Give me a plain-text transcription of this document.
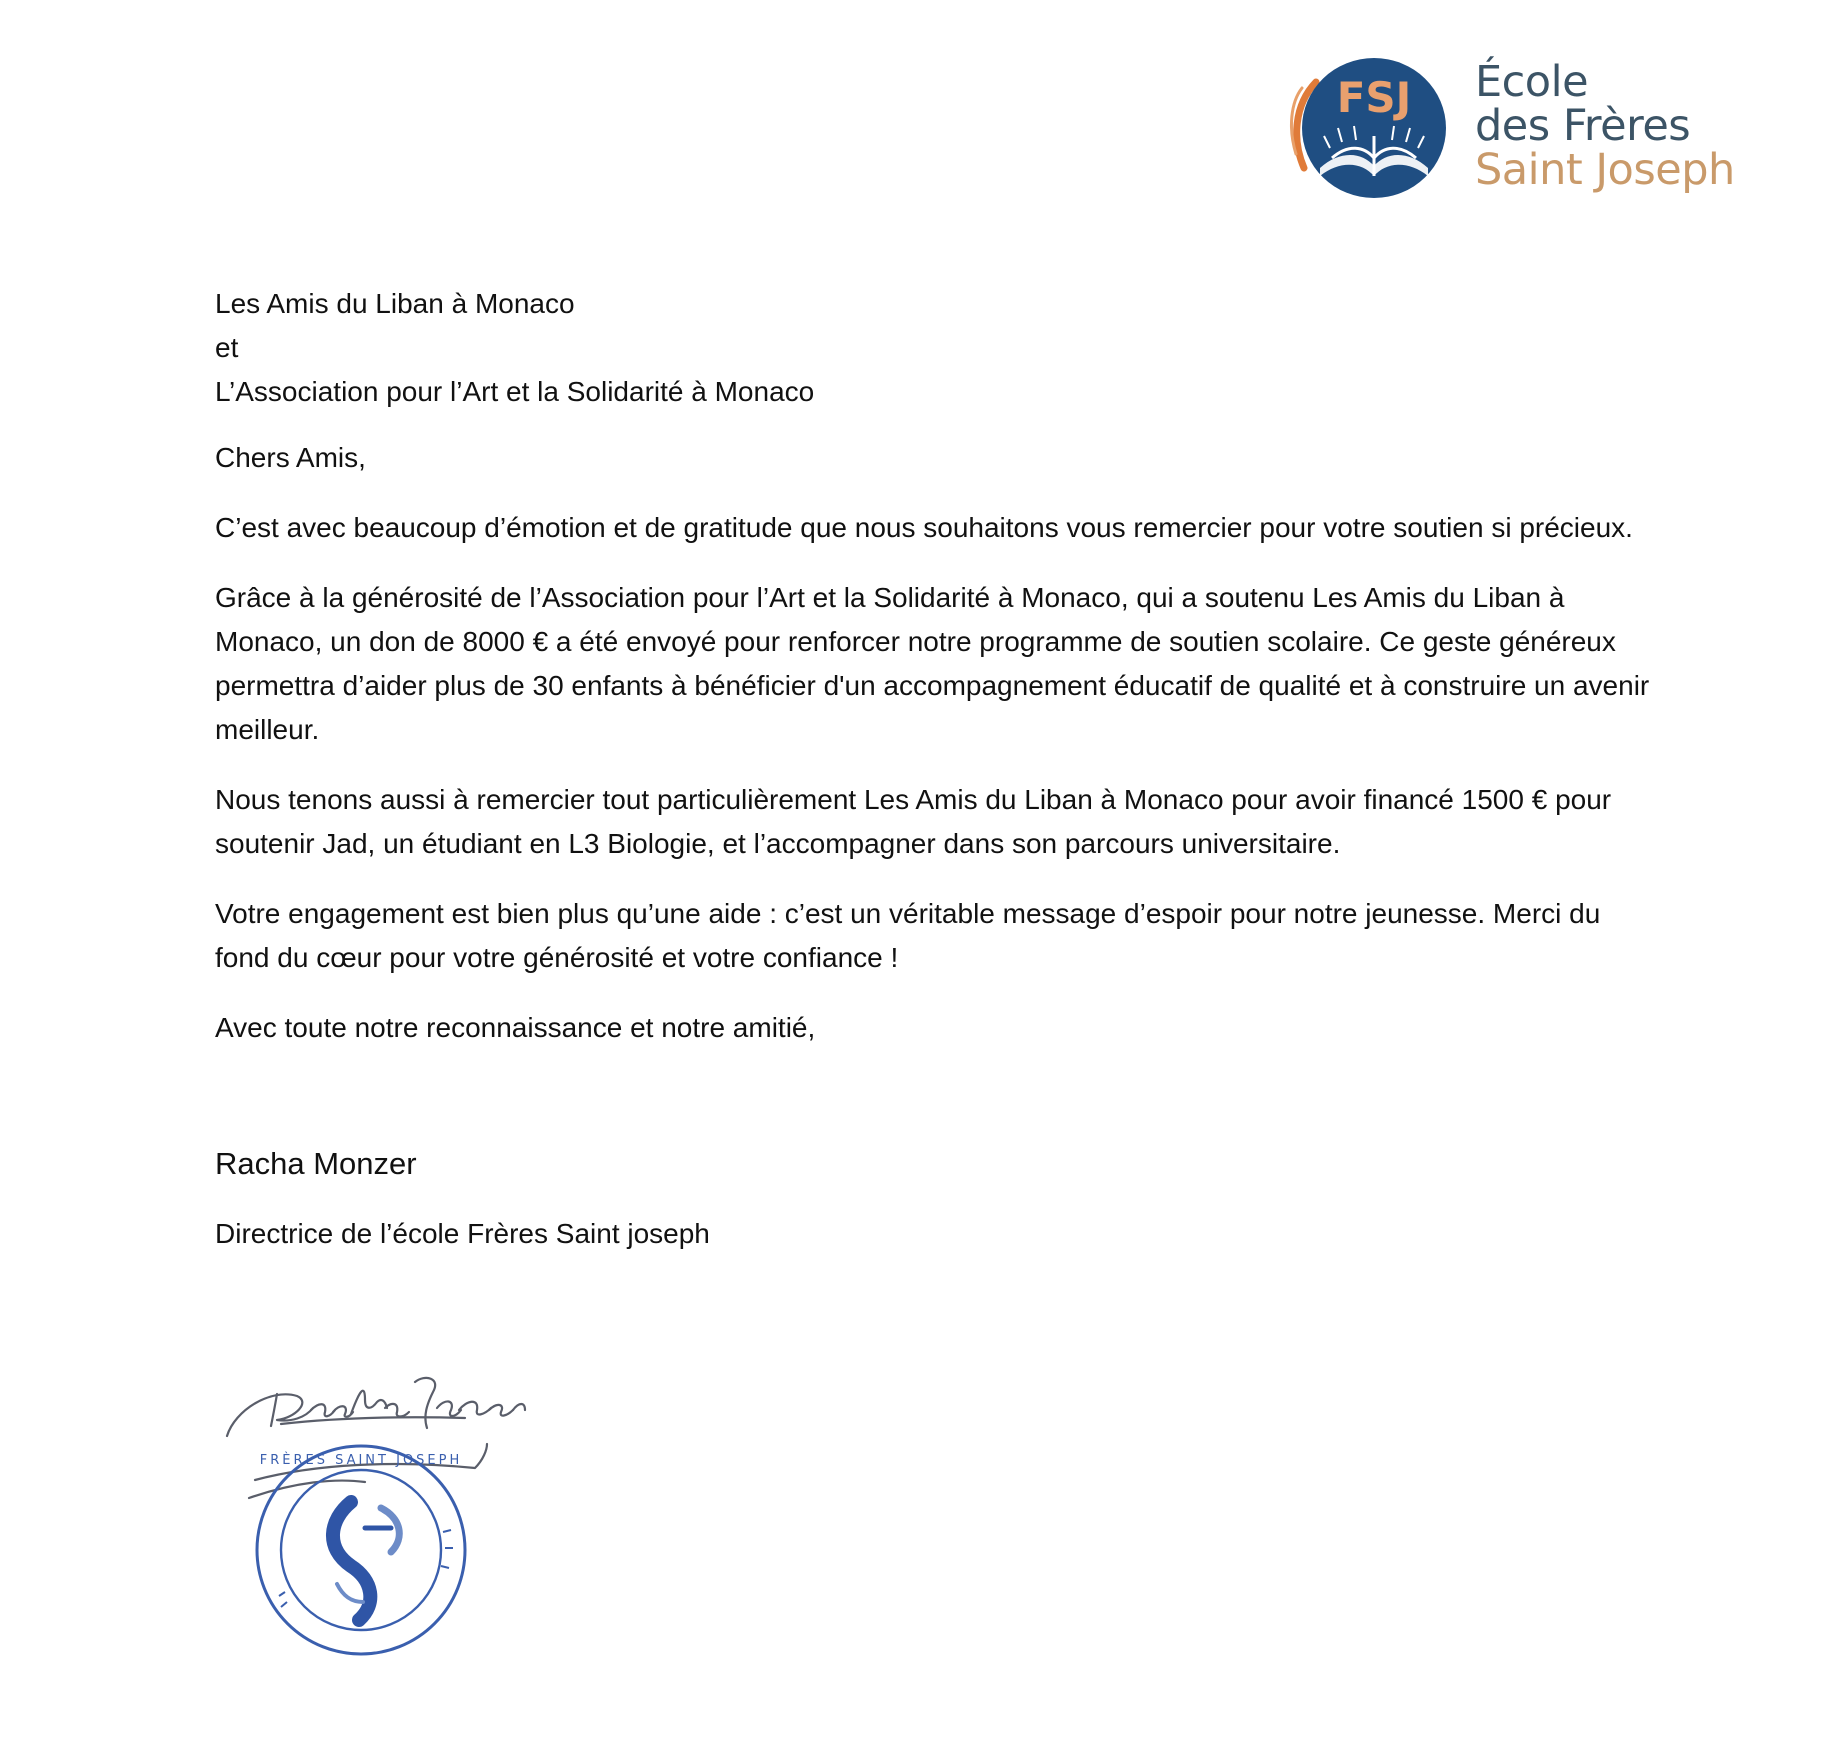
FSJ École
des Frères
Saint Joseph

Les Amis du Liban à Monaco
et
L’Association pour l’Art et la Solidarité à Monaco

Chers Amis,

C’est avec beaucoup d’émotion et de gratitude que nous souhaitons vous remercier pour votre soutien si précieux.

Grâce à la générosité de l’Association pour l’Art et la Solidarité à Monaco, qui a soutenu Les Amis du Liban à Monaco, un don de 8000 € a été envoyé pour renforcer notre programme de soutien scolaire. Ce geste généreux permettra d’aider plus de 30 enfants à bénéficier d'un accompagnement éducatif de qualité et à construire un avenir meilleur.

Nous tenons aussi à remercier tout particulièrement Les Amis du Liban à Monaco pour avoir financé 1500 € pour soutenir Jad, un étudiant en L3 Biologie, et l’accompagner dans son parcours universitaire.

Votre engagement est bien plus qu’une aide : c’est un véritable message d’espoir pour notre jeunesse. Merci du fond du cœur pour votre générosité et votre confiance !

Avec toute notre reconnaissance et notre amitié,

Racha Monzer

Directrice de l’école Frères Saint joseph

FRÈRES SAINT JOSEPH
